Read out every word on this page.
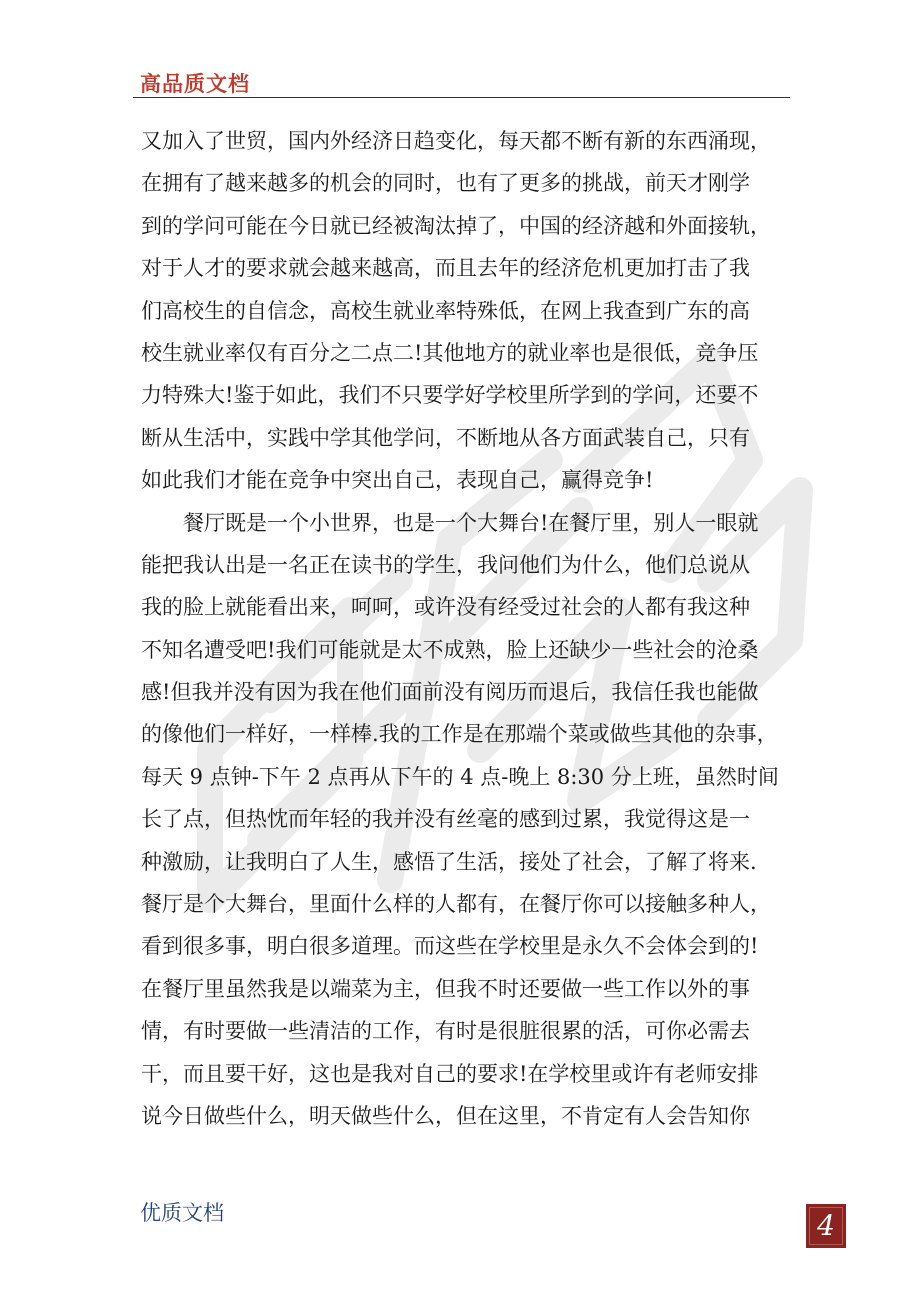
高品质文档
又加入了世贸，国内外经济日趋变化，每天都不断有新的东西涌现，
在拥有了越来越多的机会的同时，也有了更多的挑战，前天才刚学
到的学问可能在今日就已经被淘汰掉了，中国的经济越和外面接轨，
对于人才的要求就会越来越高，而且去年的经济危机更加打击了我
们高校生的自信念，高校生就业率特殊低，在网上我查到广东的高
校生就业率仅有百分之二点二!其他地方的就业率也是很低，竞争压
力特殊大!鉴于如此，我们不只要学好学校里所学到的学问，还要不
断从生活中，实践中学其他学问，不断地从各方面武装自己，只有
如此我们才能在竞争中突出自己，表现自己，赢得竞争!
　　餐厅既是一个小世界，也是一个大舞台!在餐厅里，别人一眼就
能把我认出是一名正在读书的学生，我问他们为什么，他们总说从
我的脸上就能看出来，呵呵，或许没有经受过社会的人都有我这种
不知名遭受吧!我们可能就是太不成熟，脸上还缺少一些社会的沧桑
感!但我并没有因为我在他们面前没有阅历而退后，我信任我也能做
的像他们一样好，一样棒.我的工作是在那端个菜或做些其他的杂事，
每天 9 点钟-下午 2 点再从下午的 4 点-晚上 8:30 分上班，虽然时间
长了点，但热忱而年轻的我并没有丝毫的感到过累，我觉得这是一
种激励，让我明白了人生，感悟了生活，接处了社会，了解了将来.
餐厅是个大舞台，里面什么样的人都有，在餐厅你可以接触多种人，
看到很多事，明白很多道理。而这些在学校里是永久不会体会到的!
在餐厅里虽然我是以端菜为主，但我不时还要做一些工作以外的事
情，有时要做一些清洁的工作，有时是很脏很累的活，可你必需去
干，而且要干好，这也是我对自己的要求!在学校里或许有老师安排
说今日做些什么，明天做些什么，但在这里，不肯定有人会告知你
优质文档	4
